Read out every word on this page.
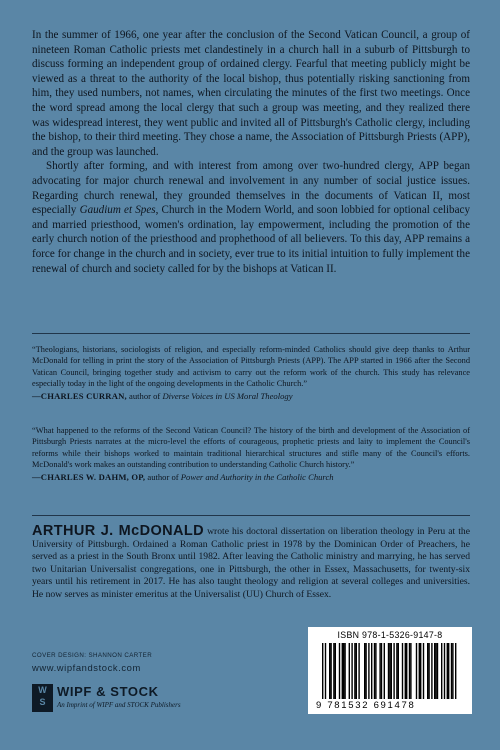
In the summer of 1966, one year after the conclusion of the Second Vatican Council, a group of nineteen Roman Catholic priests met clandestinely in a church hall in a suburb of Pittsburgh to discuss forming an independent group of ordained clergy. Fearful that meeting publicly might be viewed as a threat to the authority of the local bishop, thus potentially risking sanctioning from him, they used numbers, not names, when circulating the minutes of the first two meetings. Once the word spread among the local clergy that such a group was meeting, and they realized there was widespread interest, they went public and invited all of Pittsburgh's Catholic clergy, including the bishop, to their third meeting. They chose a name, the Association of Pittsburgh Priests (APP), and the group was launched.

Shortly after forming, and with interest from among over two-hundred clergy, APP began advocating for major church renewal and involvement in any number of social justice issues. Regarding church renewal, they grounded themselves in the documents of Vatican II, most especially Gaudium et Spes, Church in the Modern World, and soon lobbied for optional celibacy and married priesthood, women's ordination, lay empowerment, including the promotion of the early church notion of the priesthood and prophethood of all believers. To this day, APP remains a force for change in the church and in society, ever true to its initial intuition to fully implement the renewal of church and society called for by the bishops at Vatican II.

“Theologians, historians, sociologists of religion, and especially reform-minded Catholics should give deep thanks to Arthur McDonald for telling in print the story of the Association of Pittsburgh Priests (APP). The APP started in 1966 after the Second Vatican Council, bringing together study and activism to carry out the reform work of the church. This study has relevance especially today in the light of the ongoing developments in the Catholic Church.”

—CHARLES CURRAN, author of Diverse Voices in US Moral Theology

“What happened to the reforms of the Second Vatican Council? The history of the birth and development of the Association of Pittsburgh Priests narrates at the micro-level the efforts of courageous, prophetic priests and laity to implement the Council's reforms while their bishops worked to maintain traditional hierarchical structures and stifle many of the Council's efforts. McDonald's work makes an outstanding contribution to understanding Catholic Church history.”

—CHARLES W. DAHM, OP, author of Power and Authority in the Catholic Church
ARTHUR J. McDONALD wrote his doctoral dissertation on liberation theology in Peru at the University of Pittsburgh. Ordained a Roman Catholic priest in 1978 by the Dominican Order of Preachers, he served as a priest in the South Bronx until 1982. After leaving the Catholic ministry and marrying, he has served two Unitarian Universalist congregations, one in Pittsburgh, the other in Essex, Massachusetts, for twenty-six years until his retirement in 2017. He has also taught theology and religion at several colleges and universities. He now serves as minister emeritus at the Universalist (UU) Church of Essex.
COVER DESIGN: SHANNON CARTER
www.wipfandstock.com
W
S
WIPF & STOCK
An Imprint of WIPF and STOCK Publishers
ISBN 978-1-5326-9147-8
9 781532 691478
